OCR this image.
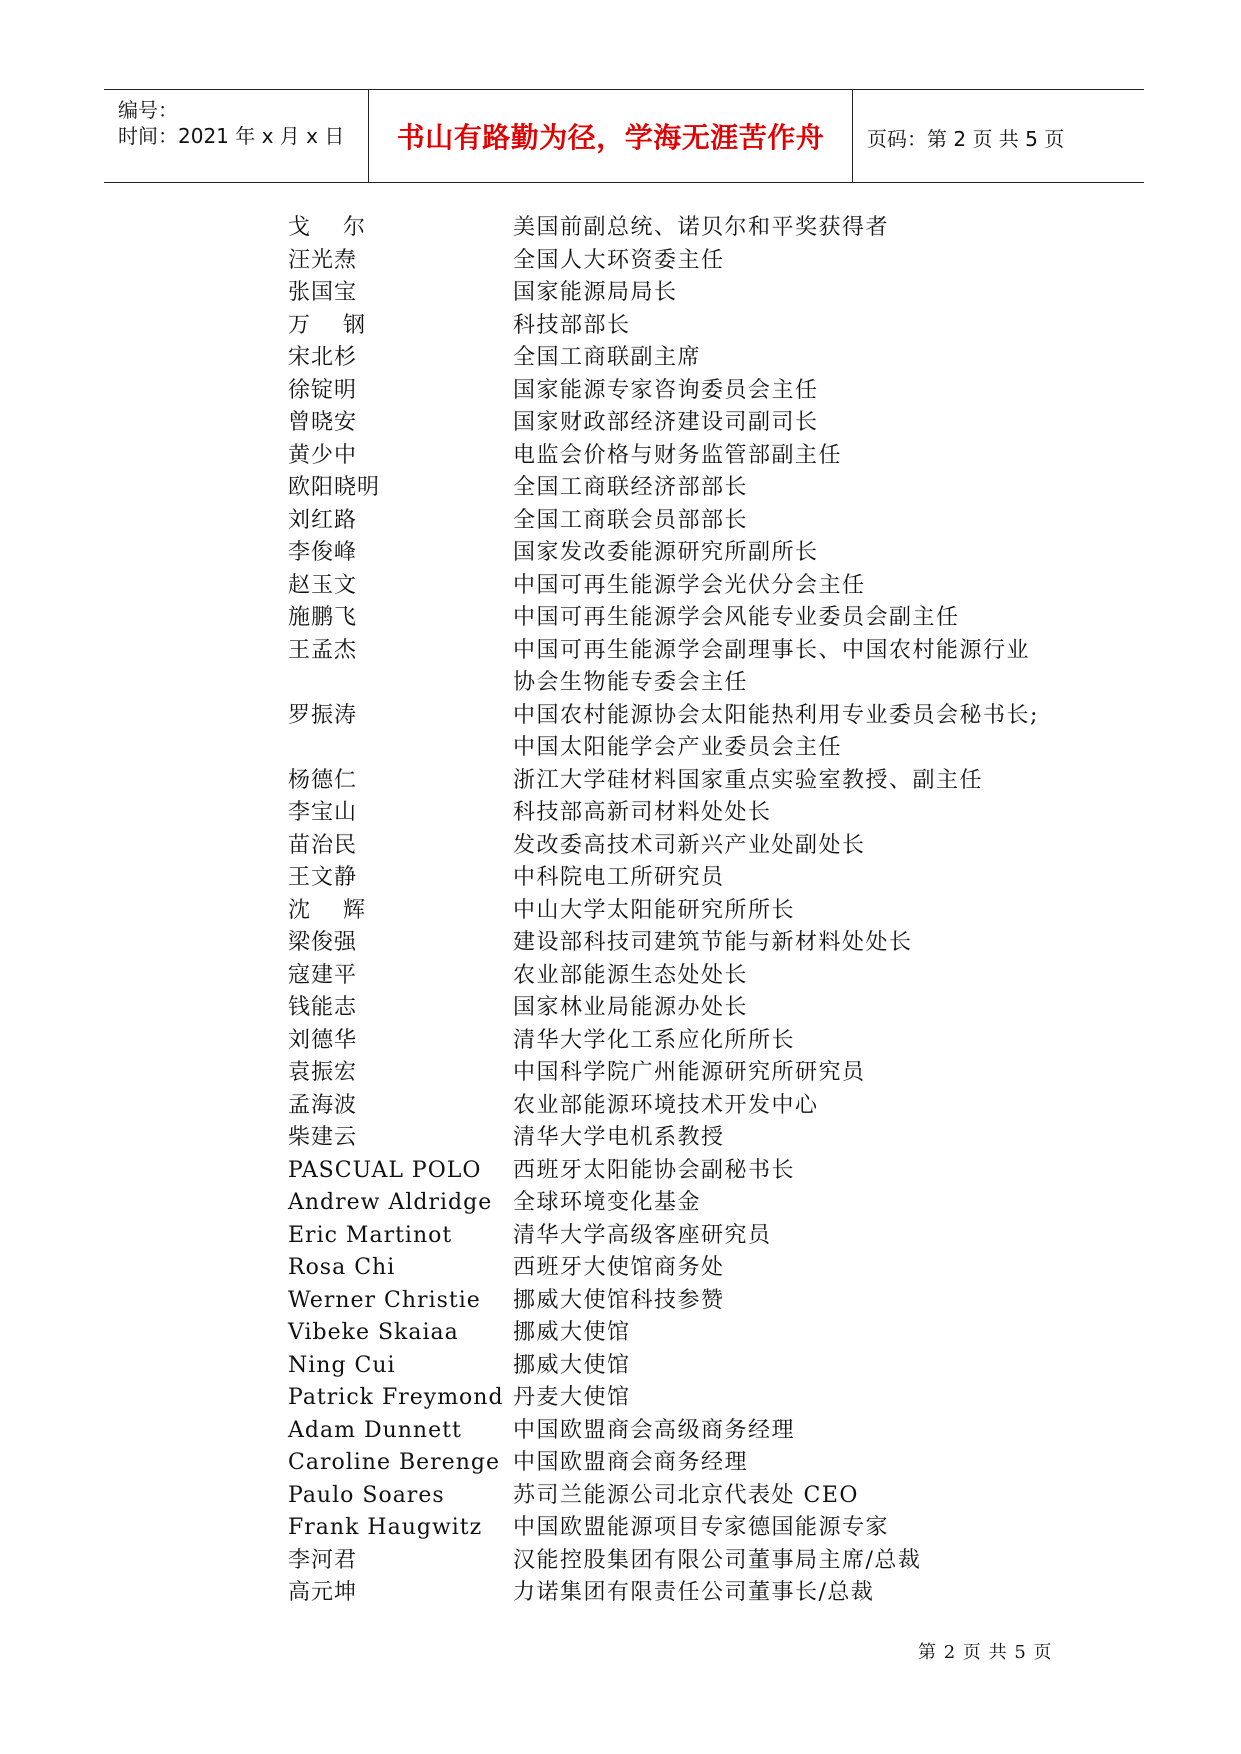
编号：
时间：2021 年 x 月 x 日	书山有路勤为径，学海无涯苦作舟	页码：第 2 页 共 5 页
戈    尔	美国前副总统、诺贝尔和平奖获得者
汪光焘	全国人大环资委主任
张国宝	国家能源局局长
万    钢	科技部部长
宋北杉	全国工商联副主席
徐锭明	国家能源专家咨询委员会主任
曾晓安	国家财政部经济建设司副司长
黄少中	电监会价格与财务监管部副主任
欧阳晓明	全国工商联经济部部长
刘红路	全国工商联会员部部长
李俊峰	国家发改委能源研究所副所长
赵玉文	中国可再生能源学会光伏分会主任
施鹏飞	中国可再生能源学会风能专业委员会副主任
王孟杰	中国可再生能源学会副理事长、中国农村能源行业
协会生物能专委会主任
罗振涛	中国农村能源协会太阳能热利用专业委员会秘书长;
中国太阳能学会产业委员会主任
杨德仁	浙江大学硅材料国家重点实验室教授、副主任
李宝山	科技部高新司材料处处长
苗治民	发改委高技术司新兴产业处副处长
王文静	中科院电工所研究员
沈    辉	中山大学太阳能研究所所长
梁俊强	建设部科技司建筑节能与新材料处处长
寇建平	农业部能源生态处处长
钱能志	国家林业局能源办处长
刘德华	清华大学化工系应化所所长
袁振宏	中国科学院广州能源研究所研究员
孟海波	农业部能源环境技术开发中心
柴建云	清华大学电机系教授
PASCUAL POLO 西班牙太阳能协会副秘书长
Andrew Aldridge 全球环境变化基金
Eric Martinot	清华大学高级客座研究员
Rosa Chi	西班牙大使馆商务处
Werner Christie 挪威大使馆科技参赞
Vibeke Skaiaa 挪威大使馆
Ning Cui	挪威大使馆
Patrick Freymond 丹麦大使馆
Adam Dunnett 中国欧盟商会高级商务经理
Caroline Berenge 中国欧盟商会商务经理
Paulo Soares	苏司兰能源公司北京代表处 CEO
Frank Haugwitz 中国欧盟能源项目专家德国能源专家
李河君	汉能控股集团有限公司董事局主席/总裁
高元坤	力诺集团有限责任公司董事长/总裁
第 2 页 共 5 页
